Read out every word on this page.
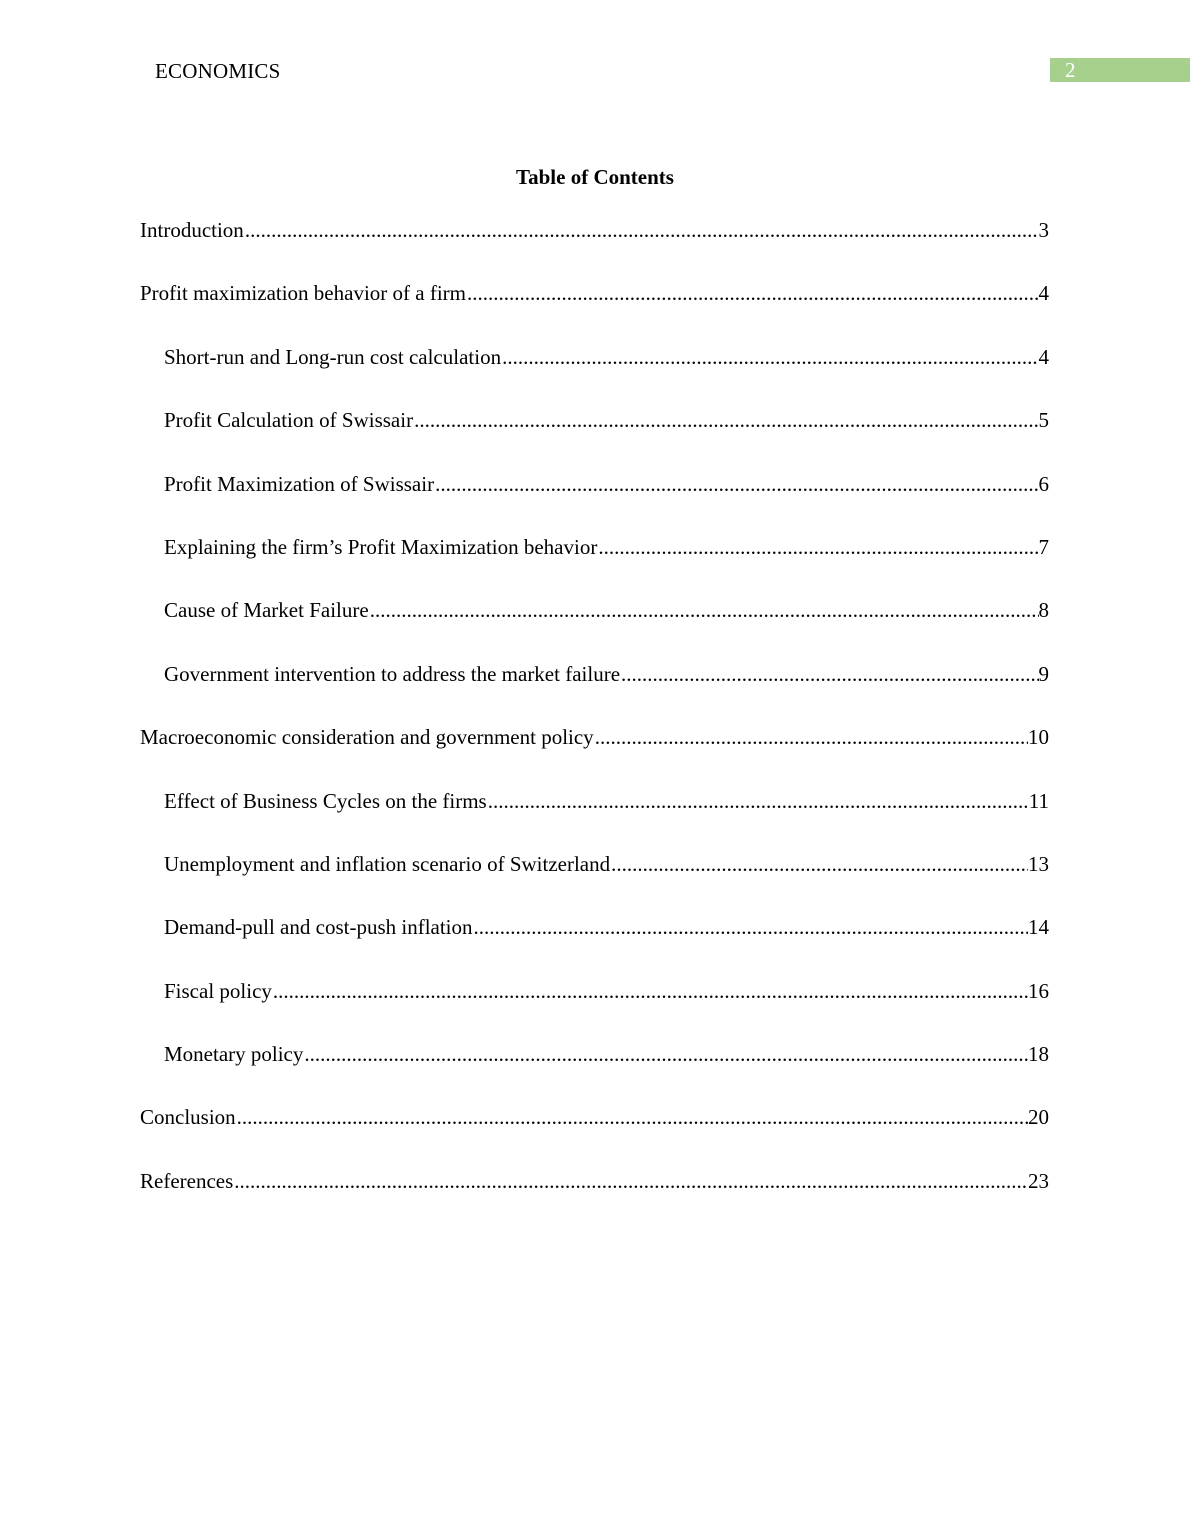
ECONOMICS	2
Table of Contents
Introduction .....	3
Profit maximization behavior of a firm .....	4
Short-run and Long-run cost calculation .....	4
Profit Calculation of Swissair .....	5
Profit Maximization of Swissair .....	6
Explaining the firm’s Profit Maximization behavior .....	7
Cause of Market Failure .....	8
Government intervention to address the market failure .....	9
Macroeconomic consideration and government policy .....	10
Effect of Business Cycles on the firms .....	11
Unemployment and inflation scenario of Switzerland .....	13
Demand-pull and cost-push inflation .....	14
Fiscal policy .....	16
Monetary policy .....	18
Conclusion .....	20
References .....	23
